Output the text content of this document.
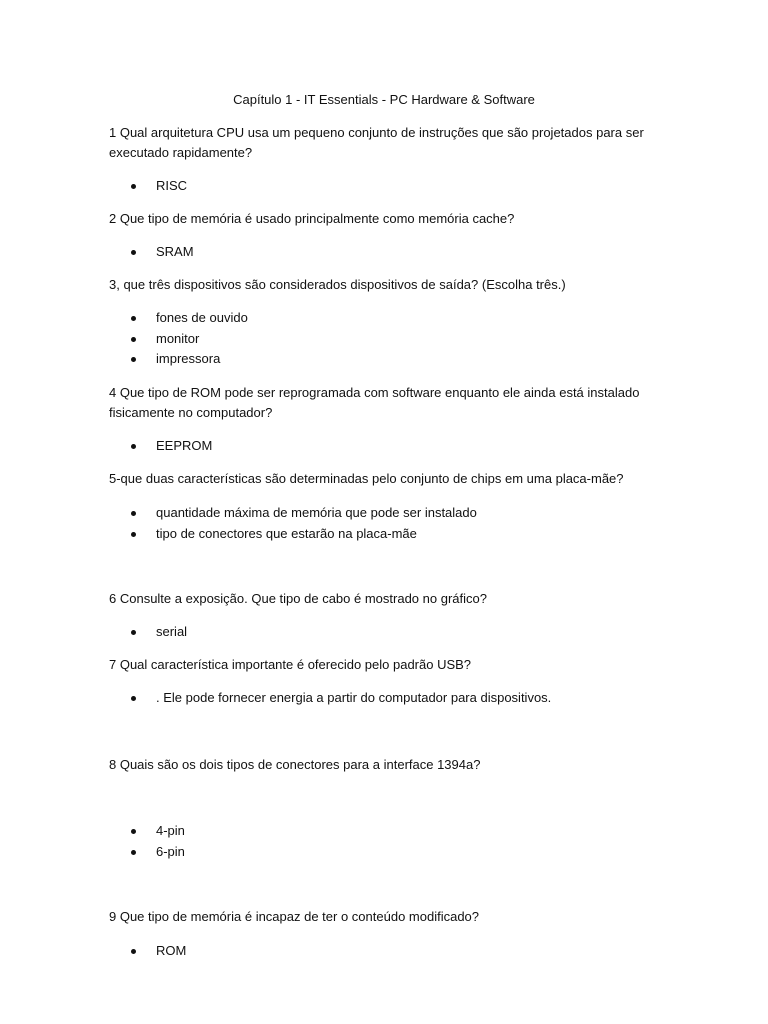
Capítulo 1 - IT Essentials - PC Hardware & Software

1 Qual arquitetura CPU usa um pequeno conjunto de instruções que são projetados para ser executado rapidamente?

RISC

2 Que tipo de memória é usado principalmente como memória cache?

SRAM

3, que três dispositivos são considerados dispositivos de saída? (Escolha três.)

fones de ouvido
monitor
impressora

4 Que tipo de ROM pode ser reprogramada com software enquanto ele ainda está instalado fisicamente no computador?

EEPROM

5-que duas características são determinadas pelo conjunto de chips em uma placa-mãe?

quantidade máxima de memória que pode ser instalado
tipo de conectores que estarão na placa-mãe

6 Consulte a exposição. Que tipo de cabo é mostrado no gráfico?

serial

7 Qual característica importante é oferecido pelo padrão USB?

. Ele pode fornecer energia a partir do computador para dispositivos.

8 Quais são os dois tipos de conectores para a interface 1394a?

4-pin
6-pin

9 Que tipo de memória é incapaz de ter o conteúdo modificado?

ROM
